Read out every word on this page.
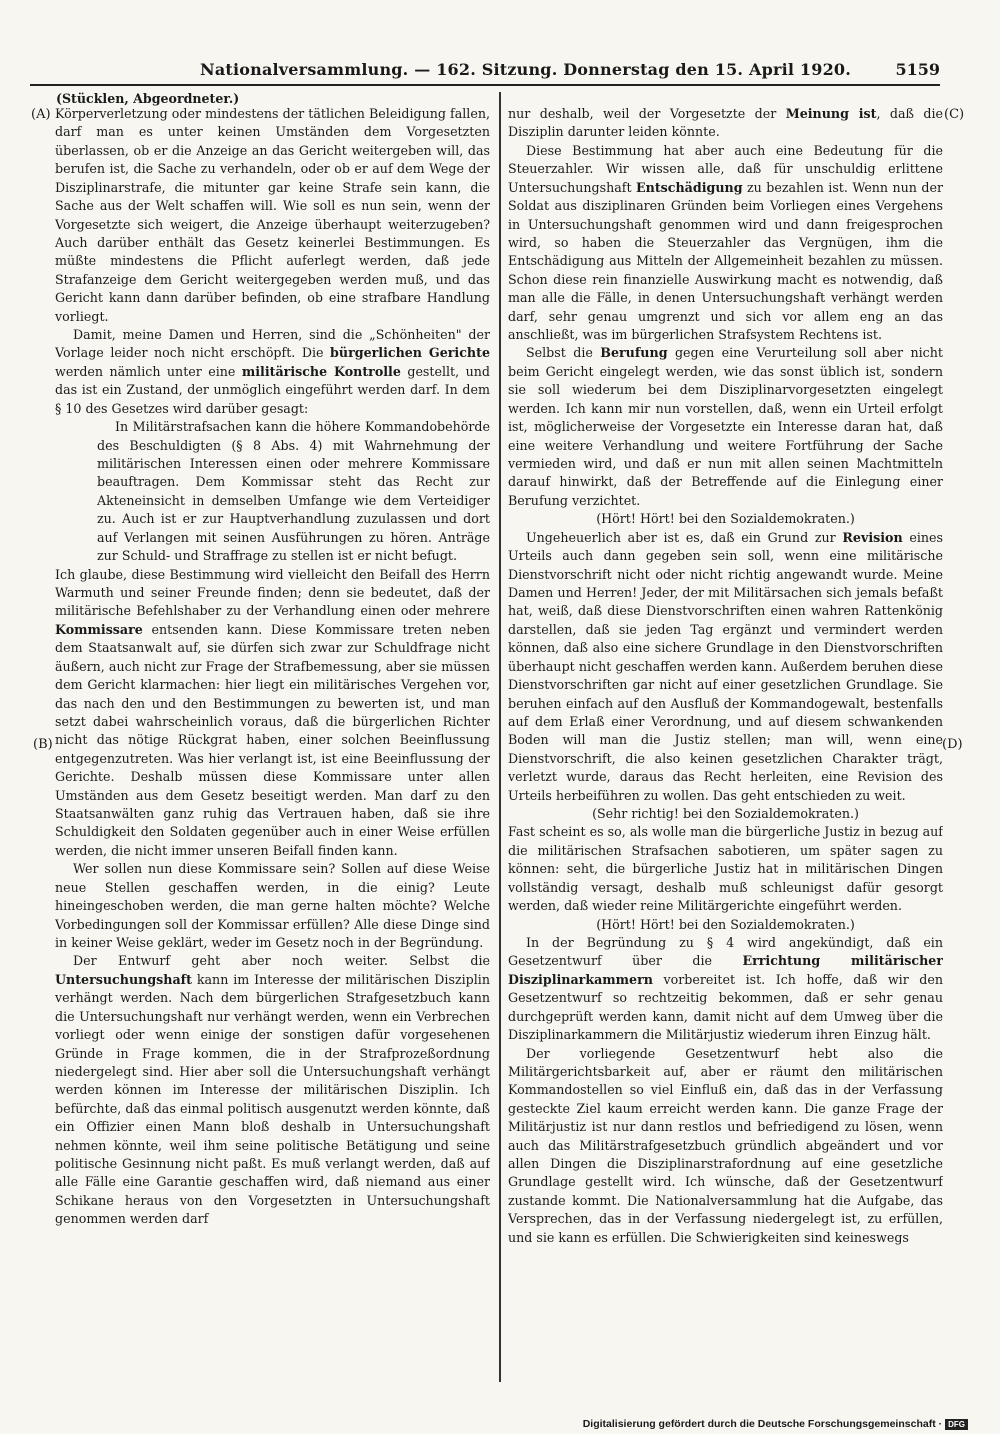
Nationalversammlung. — 162. Sitzung. Donnerstag den 15. April 1920.	5159
(Stücklen, Abgeordneter.)
(A)
(B)
(C)
(D)

Körperverletzung oder mindestens der tätlichen Beleidigung fallen, darf man es unter keinen Umständen dem Vorgesetzten überlassen, ob er die Anzeige an das Gericht weitergeben will, das berufen ist, die Sache zu verhandeln, oder ob er auf dem Wege der Disziplinarstrafe, die mitunter gar keine Strafe sein kann, die Sache aus der Welt schaffen will. Wie soll es nun sein, wenn der Vorgesetzte sich weigert, die Anzeige überhaupt weiterzugeben? Auch darüber enthält das Gesetz keinerlei Bestimmungen. Es müßte mindestens die Pflicht auferlegt werden, daß jede Strafanzeige dem Gericht weitergegeben werden muß, und das Gericht kann dann darüber befinden, ob eine strafbare Handlung vorliegt.

Damit, meine Damen und Herren, sind die „Schönheiten" der Vorlage leider noch nicht erschöpft. Die bürgerlichen Gerichte werden nämlich unter eine militärische Kontrolle gestellt, und das ist ein Zustand, der unmöglich eingeführt werden darf. In dem § 10 des Gesetzes wird darüber gesagt:

In Militärstrafsachen kann die höhere Kommandobehörde des Beschuldigten (§ 8 Abs. 4) mit Wahrnehmung der militärischen Interessen einen oder mehrere Kommissare beauftragen. Dem Kommissar steht das Recht zur Akteneinsicht in demselben Umfange wie dem Verteidiger zu. Auch ist er zur Hauptverhandlung zuzulassen und dort auf Verlangen mit seinen Ausführungen zu hören. Anträge zur Schuld- und Straffrage zu stellen ist er nicht befugt.

Ich glaube, diese Bestimmung wird vielleicht den Beifall des Herrn Warmuth und seiner Freunde finden; denn sie bedeutet, daß der militärische Befehlshaber zu der Verhandlung einen oder mehrere Kommissare entsenden kann. Diese Kommissare treten neben dem Staatsanwalt auf, sie dürfen sich zwar zur Schuldfrage nicht äußern, auch nicht zur Frage der Strafbemessung, aber sie müssen dem Gericht klarmachen: hier liegt ein militärisches Vergehen vor, das nach den und den Bestimmungen zu bewerten ist, und man setzt dabei wahrscheinlich voraus, daß die bürgerlichen Richter nicht das nötige Rückgrat haben, einer solchen Beeinflussung entgegenzutreten. Was hier verlangt ist, ist eine Beeinflussung der Gerichte. Deshalb müssen diese Kommissare unter allen Umständen aus dem Gesetz beseitigt werden. Man darf zu den Staatsanwälten ganz ruhig das Vertrauen haben, daß sie ihre Schuldigkeit den Soldaten gegenüber auch in einer Weise erfüllen werden, die nicht immer unseren Beifall finden kann.

Wer sollen nun diese Kommissare sein? Sollen auf diese Weise neue Stellen geschaffen werden, in die einig? Leute hineingeschoben werden, die man gerne halten möchte? Welche Vorbedingungen soll der Kommissar erfüllen? Alle diese Dinge sind in keiner Weise geklärt, weder im Gesetz noch in der Begründung.

Der Entwurf geht aber noch weiter. Selbst die Untersuchungshaft kann im Interesse der militärischen Disziplin verhängt werden. Nach dem bürgerlichen Strafgesetzbuch kann die Untersuchungshaft nur verhängt werden, wenn ein Verbrechen vorliegt oder wenn einige der sonstigen dafür vorgesehenen Gründe in Frage kommen, die in der Strafprozeßordnung niedergelegt sind. Hier aber soll die Untersuchungshaft verhängt werden können im Interesse der militärischen Disziplin. Ich befürchte, daß das einmal politisch ausgenutzt werden könnte, daß ein Offizier einen Mann bloß deshalb in Untersuchungshaft nehmen könnte, weil ihm seine politische Betätigung und seine politische Gesinnung nicht paßt. Es muß verlangt werden, daß auf alle Fälle eine Garantie geschaffen wird, daß niemand aus einer Schikane heraus von den Vorgesetzten in Untersuchungshaft genommen werden darf

nur deshalb, weil der Vorgesetzte der Meinung ist, daß die Disziplin darunter leiden könnte.

Diese Bestimmung hat aber auch eine Bedeutung für die Steuerzahler. Wir wissen alle, daß für unschuldig erlittene Untersuchungshaft Entschädigung zu bezahlen ist. Wenn nun der Soldat aus disziplinaren Gründen beim Vorliegen eines Vergehens in Untersuchungshaft genommen wird und dann freigesprochen wird, so haben die Steuerzahler das Vergnügen, ihm die Entschädigung aus Mitteln der Allgemeinheit bezahlen zu müssen. Schon diese rein finanzielle Auswirkung macht es notwendig, daß man alle die Fälle, in denen Untersuchungshaft verhängt werden darf, sehr genau umgrenzt und sich vor allem eng an das anschließt, was im bürgerlichen Strafsystem Rechtens ist.

Selbst die Berufung gegen eine Verurteilung soll aber nicht beim Gericht eingelegt werden, wie das sonst üblich ist, sondern sie soll wiederum bei dem Disziplinarvorgesetzten eingelegt werden. Ich kann mir nun vorstellen, daß, wenn ein Urteil erfolgt ist, möglicherweise der Vorgesetzte ein Interesse daran hat, daß eine weitere Verhandlung und weitere Fortführung der Sache vermieden wird, und daß er nun mit allen seinen Machtmitteln darauf hinwirkt, daß der Betreffende auf die Einlegung einer Berufung verzichtet.

(Hört! Hört! bei den Sozialdemokraten.)

Ungeheuerlich aber ist es, daß ein Grund zur Revision eines Urteils auch dann gegeben sein soll, wenn eine militärische Dienstvorschrift nicht oder nicht richtig angewandt wurde. Meine Damen und Herren! Jeder, der mit Militärsachen sich jemals befaßt hat, weiß, daß diese Dienstvorschriften einen wahren Rattenkönig darstellen, daß sie jeden Tag ergänzt und vermindert werden können, daß also eine sichere Grundlage in den Dienstvorschriften überhaupt nicht geschaffen werden kann. Außerdem beruhen diese Dienstvorschriften gar nicht auf einer gesetzlichen Grundlage. Sie beruhen einfach auf den Ausfluß der Kommandogewalt, bestenfalls auf dem Erlaß einer Verordnung, und auf diesem schwankenden Boden will man die Justiz stellen; man will, wenn eine Dienstvorschrift, die also keinen gesetzlichen Charakter trägt, verletzt wurde, daraus das Recht herleiten, eine Revision des Urteils herbeiführen zu wollen. Das geht entschieden zu weit.

(Sehr richtig! bei den Sozialdemokraten.)

Fast scheint es so, als wolle man die bürgerliche Justiz in bezug auf die militärischen Strafsachen sabotieren, um später sagen zu können: seht, die bürgerliche Justiz hat in militärischen Dingen vollständig versagt, deshalb muß schleunigst dafür gesorgt werden, daß wieder reine Militärgerichte eingeführt werden.

(Hört! Hört! bei den Sozialdemokraten.)

In der Begründung zu § 4 wird angekündigt, daß ein Gesetzentwurf über die Errichtung militärischer Disziplinarkammern vorbereitet ist. Ich hoffe, daß wir den Gesetzentwurf so rechtzeitig bekommen, daß er sehr genau durchgeprüft werden kann, damit nicht auf dem Umweg über die Disziplinarkammern die Militärjustiz wiederum ihren Einzug hält.

Der vorliegende Gesetzentwurf hebt also die Militärgerichtsbarkeit auf, aber er räumt den militärischen Kommandostellen so viel Einfluß ein, daß das in der Verfassung gesteckte Ziel kaum erreicht werden kann. Die ganze Frage der Militärjustiz ist nur dann restlos und befriedigend zu lösen, wenn auch das Militärstrafgesetzbuch gründlich abgeändert und vor allen Dingen die Disziplinarstrafordnung auf eine gesetzliche Grundlage gestellt wird. Ich wünsche, daß der Gesetzentwurf zustande kommt. Die Nationalversammlung hat die Aufgabe, das Versprechen, das in der Verfassung niedergelegt ist, zu erfüllen, und sie kann es erfüllen. Die Schwierigkeiten sind keineswegs

Digitalisierung gefördert durch die Deutsche Forschungsgemeinschaft · DFG
